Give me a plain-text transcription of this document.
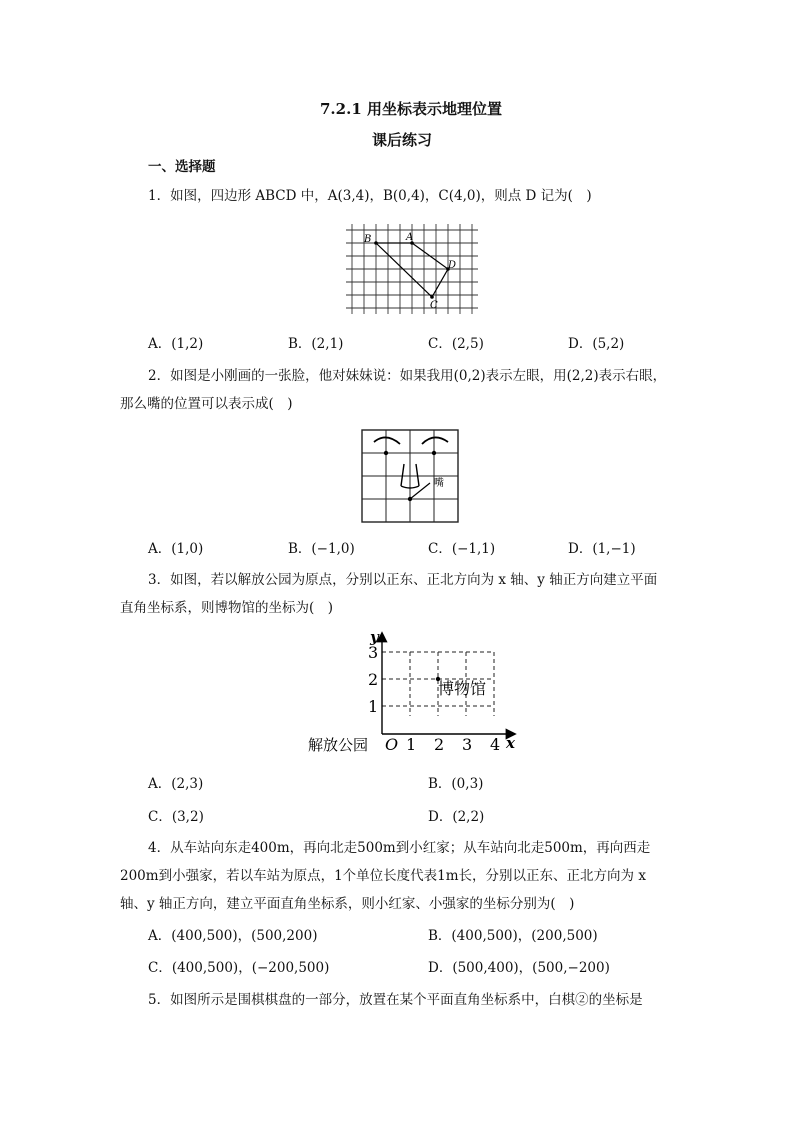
7.2.1 用坐标表示地理位置
课后练习
一、选择题
1．如图，四边形 ABCD 中，A(3,4)，B(0,4)，C(4,0)，则点 D 记为(　)
B	A
D
C
A．(1,2)	B．(2,1)	C．(2,5)	D．(5,2)
2．如图是小刚画的一张脸，他对妹妹说：如果我用(0,2)表示左眼，用(2,2)表示右眼，
那么嘴的位置可以表示成(　)
嘴
A．(1,0)	B．(−1,0)	C．(−1,1)	D．(1,−1)
3．如图，若以解放公园为原点，分别以正东、正北方向为 x 轴、y 轴正方向建立平面
直角坐标系，则博物馆的坐标为(　)
y
x
3
2
1
O 1 2 3 4
解放公园
博物馆
A．(2,3)	B．(0,3)
C．(3,2)	D．(2,2)
4．从车站向东走400m，再向北走500m到小红家；从车站向北走500m，再向西走
200m到小强家，若以车站为原点，1个单位长度代表1m长，分别以正东、正北方向为 x
轴、y 轴正方向，建立平面直角坐标系，则小红家、小强家的坐标分别为(　)
A．(400,500)，(500,200)	B．(400,500)，(200,500)
C．(400,500)，(−200,500)	D．(500,400)，(500,−200)
5．如图所示是围棋棋盘的一部分，放置在某个平面直角坐标系中，白棋②的坐标是
